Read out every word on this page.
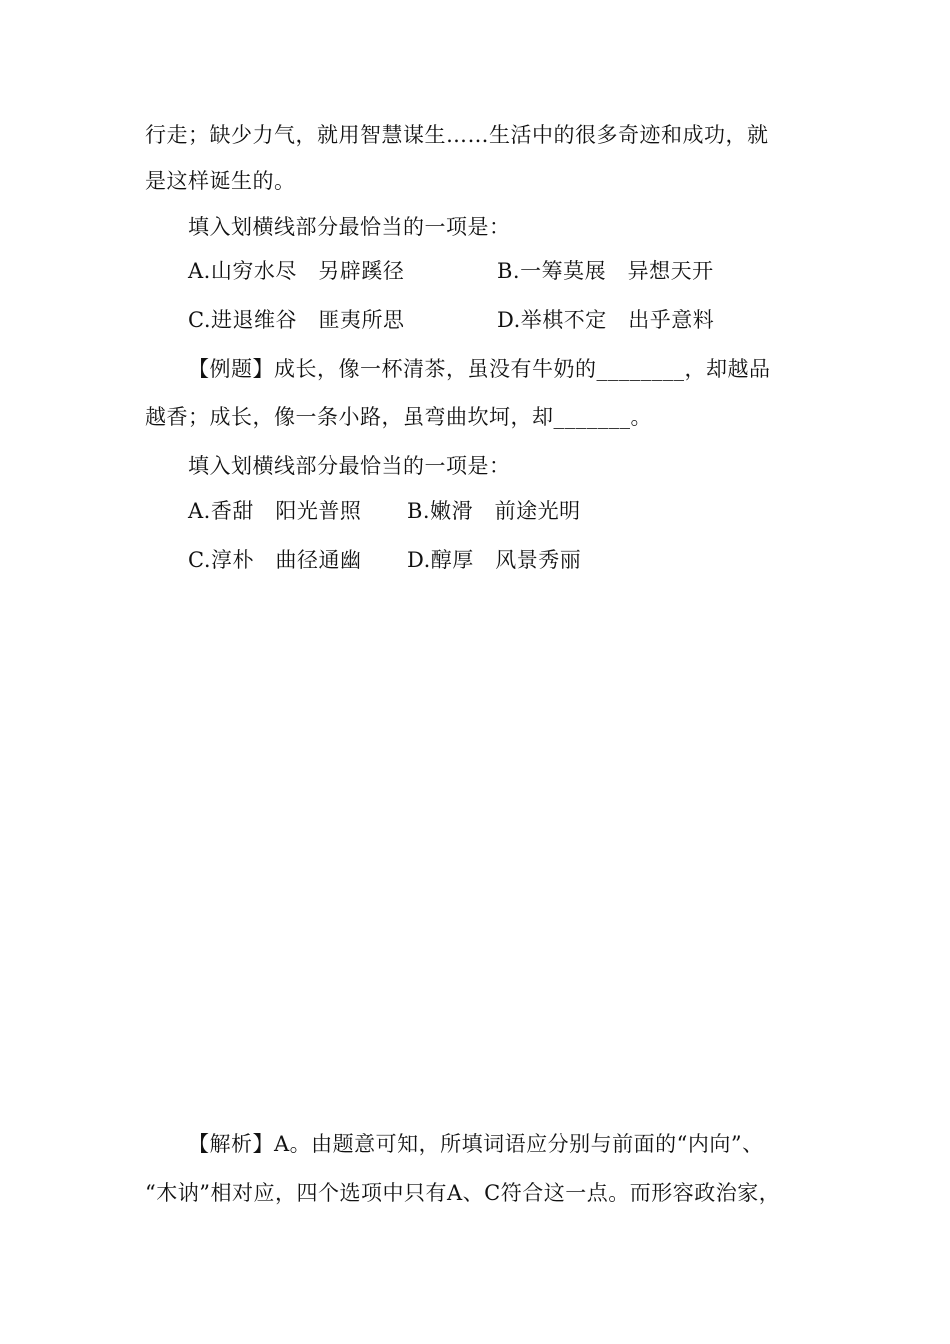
行走；缺少力气，就用智慧谋生……生活中的很多奇迹和成功，就
是这样诞生的。
填入划横线部分最恰当的一项是：
A.山穷水尽　另辟蹊径	B.一筹莫展　异想天开
C.进退维谷　匪夷所思	D.举棋不定　出乎意料
【例题】成长，像一杯清茶，虽没有牛奶的________，却越品
越香；成长，像一条小路，虽弯曲坎坷，却_______。
填入划横线部分最恰当的一项是：
A.香甜　阳光普照 B.嫩滑　前途光明
C.淳朴　曲径通幽 D.醇厚　风景秀丽
【解析】A。由题意可知，所填词语应分别与前面的“内向”、
“木讷”相对应，四个选项中只有A、C符合这一点。而形容政治家，
